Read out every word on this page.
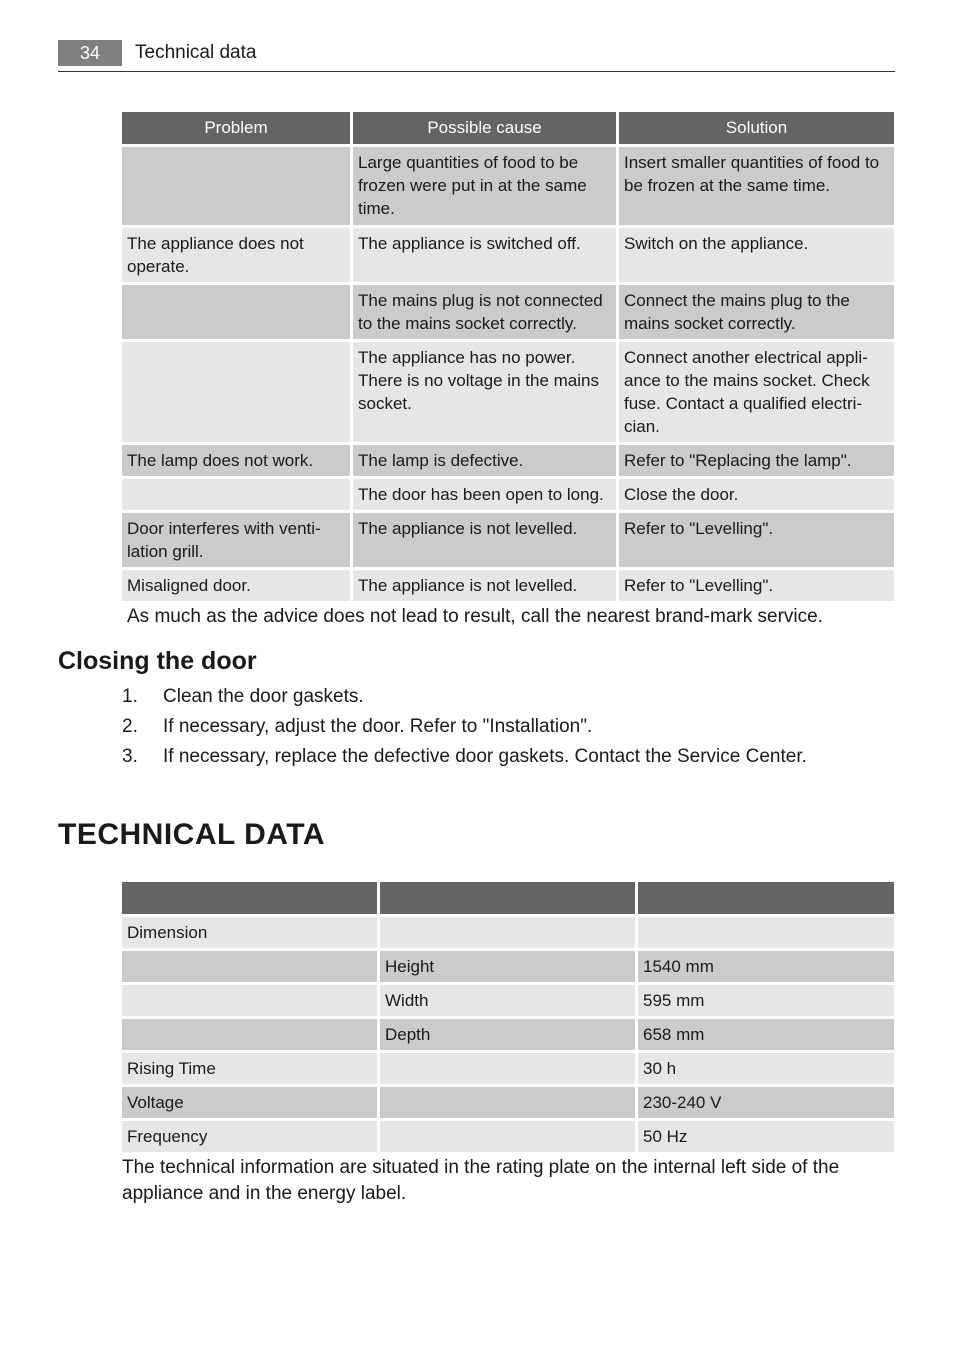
34	Technical data
Problem	Possible cause	Solution
	Large quantities of food to be frozen were put in at the same time.	Insert smaller quantities of food to be frozen at the same time.
The appliance does not operate.	The appliance is switched off.	Switch on the appliance.
	The mains plug is not connected to the mains socket correctly.	Connect the mains plug to the mains socket correctly.
	The appliance has no power. There is no voltage in the mains socket.	Connect another electrical appli-ance to the mains socket. Check fuse. Contact a qualified electri-cian.
The lamp does not work.	The lamp is defective.	Refer to "Replacing the lamp".
	The door has been open to long.	Close the door.
Door interferes with venti-lation grill.	The appliance is not levelled.	Refer to "Levelling".
Misaligned door.	The appliance is not levelled.	Refer to "Levelling".

As much as the advice does not lead to result, call the nearest brand-mark service.

Closing the door
1.	Clean the door gaskets.
2.	If necessary, adjust the door. Refer to "Installation".
3.	If necessary, replace the defective door gaskets. Contact the Service Center.
TECHNICAL DATA

Dimension		
	Height	1540 mm
	Width	595 mm
	Depth	658 mm
Rising Time		30 h
Voltage		230-240 V
Frequency		50 Hz

The technical information are situated in the rating plate on the internal left side of the appliance and in the energy label.
